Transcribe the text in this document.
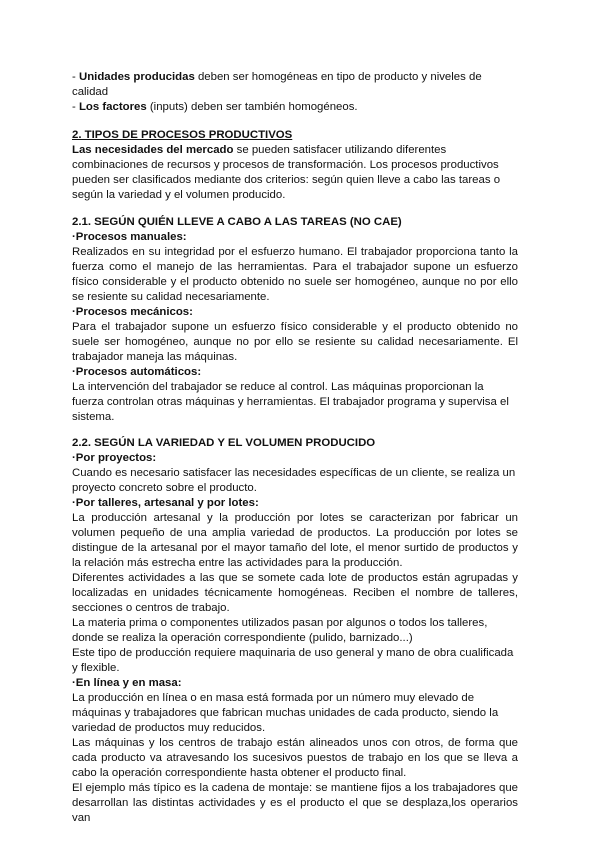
- Unidades producidas deben ser homogéneas en tipo de producto y niveles de calidad

- Los factores (inputs) deben ser también homogéneos.

2. TIPOS DE PROCESOS PRODUCTIVOS

Las necesidades del mercado se pueden satisfacer utilizando diferentes combinaciones de recursos y procesos de transformación. Los procesos productivos pueden ser clasificados mediante dos criterios: según quien lleve a cabo las tareas o según la variedad y el volumen producido.

2.1. SEGÚN QUIÉN LLEVE A CABO A LAS TAREAS (NO CAE)

·Procesos manuales:

Realizados en su integridad por el esfuerzo humano. El trabajador proporciona tanto la fuerza como el manejo de las herramientas. Para el trabajador supone un esfuerzo físico considerable y el producto obtenido no suele ser homogéneo, aunque no por ello se resiente su calidad necesariamente.

·Procesos mecánicos:

Para el trabajador supone un esfuerzo físico considerable y el producto obtenido no suele ser homogéneo, aunque no por ello se resiente su calidad necesariamente. El trabajador maneja las máquinas.

·Procesos automáticos:

La intervención del trabajador se reduce al control. Las máquinas proporcionan la fuerza controlan otras máquinas y herramientas. El trabajador programa y supervisa el sistema.

2.2. SEGÚN LA VARIEDAD Y EL VOLUMEN PRODUCIDO

·Por proyectos:

Cuando es necesario satisfacer las necesidades específicas de un cliente, se realiza un proyecto concreto sobre el producto.

·Por talleres, artesanal y por lotes:

La producción artesanal y la producción por lotes se caracterizan por fabricar un volumen pequeño de una amplia variedad de productos. La producción por lotes se distingue de la artesanal por el mayor tamaño del lote, el menor surtido de productos y la relación más estrecha entre las actividades para la producción.

Diferentes actividades a las que se somete cada lote de productos están agrupadas y localizadas en unidades técnicamente homogéneas. Reciben el nombre de talleres, secciones o centros de trabajo.

La materia prima o componentes utilizados pasan por algunos o todos los talleres, donde se realiza la operación correspondiente (pulido, barnizado...)

Este tipo de producción requiere maquinaria de uso general y mano de obra cualificada y flexible.

·En línea y en masa:

La producción en línea o en masa está formada por un número muy elevado de máquinas y trabajadores que fabrican muchas unidades de cada producto, siendo la variedad de productos muy reducidos.

Las máquinas y los centros de trabajo están alineados unos con otros, de forma que cada producto va atravesando los sucesivos puestos de trabajo en los que se lleva a cabo la operación correspondiente hasta obtener el producto final.

El ejemplo más típico es la cadena de montaje: se mantiene fijos a los trabajadores que desarrollan las distintas actividades y es el producto el que se desplaza,los operarios van
